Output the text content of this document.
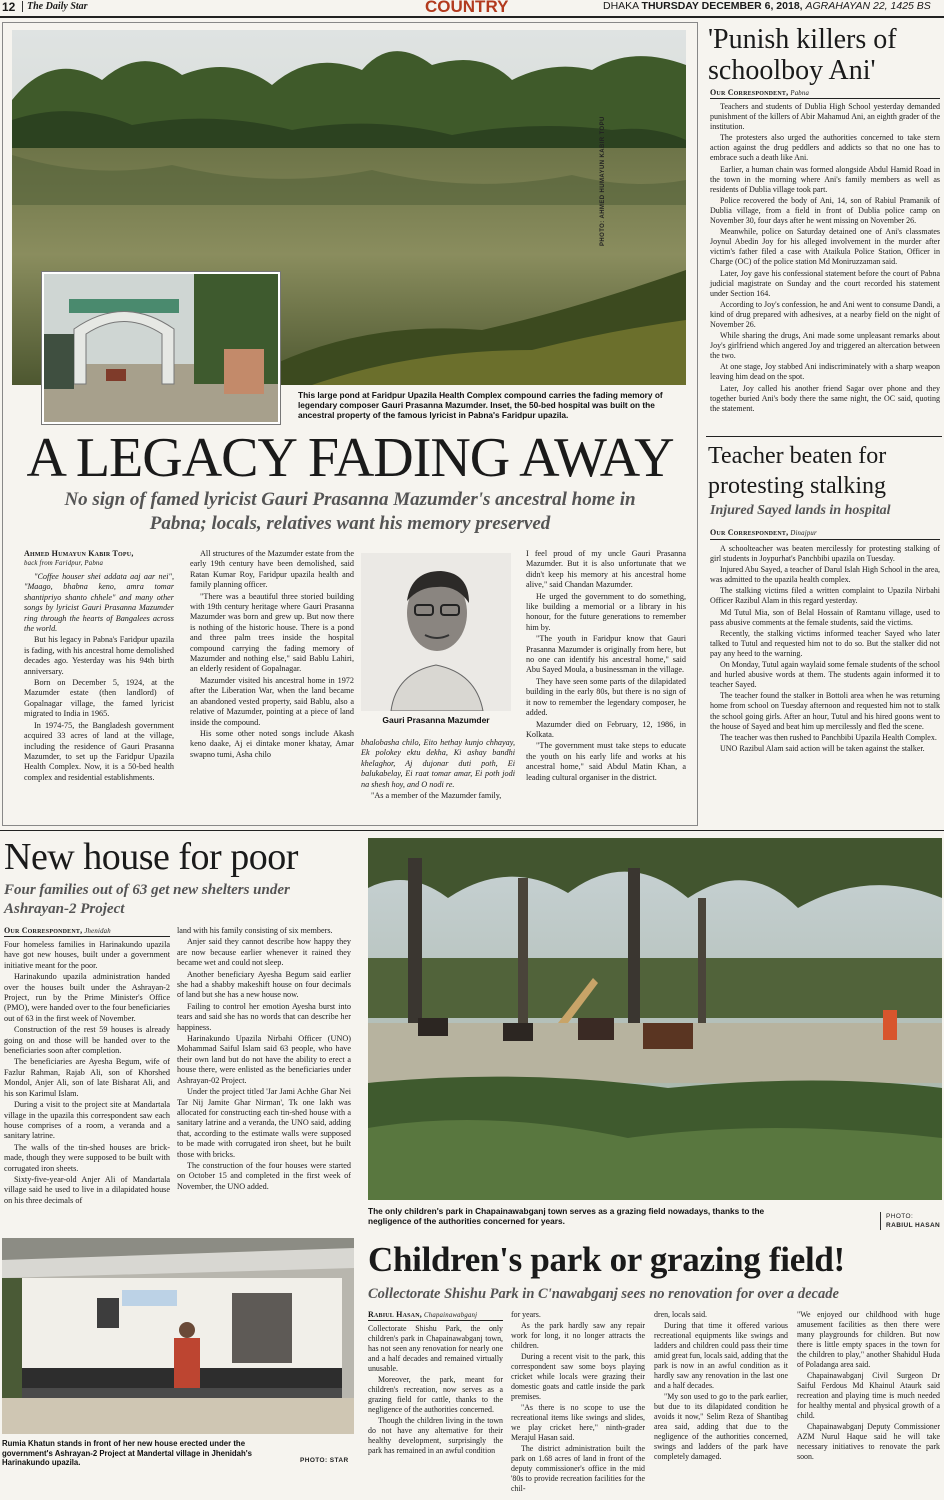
12	The Daily Star	COUNTRY	DHAKA THURSDAY DECEMBER 6, 2018, AGRAHAYAN 22, 1425 BS
PHOTO: AHMED HUMAYUN KABIR TOPU
This large pond at Faridpur Upazila Health Complex compound carries the fading memory of legendary composer Gauri Prasanna Mazumder. Inset, the 50-bed hospital was built on the ancestral property of the famous lyricist in Pabna's Faridpur upazila.
A LEGACY FADING AWAY
No sign of famed lyricist Gauri Prasanna Mazumder's ancestral home in Pabna; locals, relatives want his memory preserved
Ahmed Humayun Kabir Topu,
back from Faridpur, Pabna

"Coffee houser shei addata aaj aar nei", "Maago, bhabna keno, amra tomar shantipriyo shanto chhele" and many other songs by lyricist Gauri Prasanna Mazumder ring through the hearts of Bangalees across the world.

But his legacy in Pabna's Faridpur upazila is fading, with his ancestral home demolished decades ago. Yesterday was his 94th birth anniversary.

Born on December 5, 1924, at the Mazumder estate (then landlord) of Gopalnagar village, the famed lyricist migrated to India in 1965.

In 1974-75, the Bangladesh government acquired 33 acres of land at the village, including the residence of Gauri Prasanna Mazumder, to set up the Faridpur Upazila Health Complex. Now, it is a 50-bed health complex and residential establishments.

All structures of the Mazumder estate from the early 19th century have been demolished, said Ratan Kumar Roy, Faridpur upazila health and family planning officer.

"There was a beautiful three storied building with 19th century heritage where Gauri Prasanna Mazumder was born and grew up. But now there is nothing of the historic house. There is a pond and three palm trees inside the hospital compound carrying the fading memory of Mazumder and nothing else," said Bablu Lahiri, an elderly resident of Gopalnagar.

Mazumder visited his ancestral home in 1972 after the Liberation War, when the land became an abandoned vested property, said Bablu, also a relative of Mazumder, pointing at a piece of land inside the compound.

His some other noted songs include Akash keno daake, Aj ei dintake moner khatay, Amar swapno tumi, Asha chilo

Gauri Prasanna Mazumder

bhalobasha chilo, Eito hethay kunjo chhayay, Ek polokey ektu dekha, Ki ashay bandhi khelaghor, Aj dujonar duti poth, Ei balukabelay, Ei raat tomar amar, Ei poth jodi na shesh hoy, and O nodi re.

"As a member of the Mazumder family,

I feel proud of my uncle Gauri Prasanna Mazumder. But it is also unfortunate that we didn't keep his memory at his ancestral home alive," said Chandan Mazumder.

He urged the government to do something, like building a memorial or a library in his honour, for the future generations to remember him by.

"The youth in Faridpur know that Gauri Prasanna Mazumder is originally from here, but no one can identify his ancestral home," said Abu Sayed Moula, a businessman in the village.

They have seen some parts of the dilapidated building in the early 80s, but there is no sign of it now to remember the legendary composer, he added.

Mazumder died on February, 12, 1986, in Kolkata.

"The government must take steps to educate the youth on his early life and works at his ancestral home," said Abdul Matin Khan, a leading cultural organiser in the district.

'Punish killers of schoolboy Ani'
Our Correspondent, Pabna

Teachers and students of Dublia High School yesterday demanded punishment of the killers of Abir Mahamud Ani, an eighth grader of the institution.

The protesters also urged the authorities concerned to take stern action against the drug peddlers and addicts so that no one has to embrace such a death like Ani.

Earlier, a human chain was formed alongside Abdul Hamid Road in the town in the morning where Ani's family members as well as residents of Dublia village took part.

Police recovered the body of Ani, 14, son of Rabiul Pramanik of Dublia village, from a field in front of Dublia police camp on November 30, four days after he went missing on November 26.

Meanwhile, police on Saturday detained one of Ani's classmates Joynul Abedin Joy for his alleged involvement in the murder after victim's father filed a case with Ataikula Police Station, Officer in Charge (OC) of the police station Md Moniruzzaman said.

Later, Joy gave his confessional statement before the court of Pabna judicial magistrate on Sunday and the court recorded his statement under Section 164.

According to Joy's confession, he and Ani went to consume Dandi, a kind of drug prepared with adhesives, at a nearby field on the night of November 26.

While sharing the drugs, Ani made some unpleasant remarks about Joy's girlfriend which angered Joy and triggered an altercation between the two.

At one stage, Joy stabbed Ani indiscriminately with a sharp weapon leaving him dead on the spot.

Later, Joy called his another friend Sagar over phone and they together buried Ani's body there the same night, the OC said, quoting the statement.

Teacher beaten for protesting stalking
Injured Sayed lands in hospital
Our Correspondent, Dinajpur

A schoolteacher was beaten mercilessly for protesting stalking of girl students in Joypurhat's Panchbibi upazila on Tuesday.

Injured Abu Sayed, a teacher of Darul Islah High School in the area, was admitted to the upazila health complex.

The stalking victims filed a written complaint to Upazila Nirbahi Officer Razibul Alam in this regard yesterday.

Md Tutul Mia, son of Belal Hossain of Ramtanu village, used to pass abusive comments at the female students, said the victims.

Recently, the stalking victims informed teacher Sayed who later talked to Tutul and requested him not to do so. But the stalker did not pay any heed to the warning.

On Monday, Tutul again waylaid some female students of the school and hurled abusive words at them. The students again informed it to teacher Sayed.

The teacher found the stalker in Bottoli area when he was returning home from school on Tuesday afternoon and requested him not to stalk the school going girls. After an hour, Tutul and his hired goons went to the house of Sayed and beat him up mercilessly and fled the scene.

The teacher was then rushed to Panchbibi Upazila Health Complex.

UNO Razibul Alam said action will be taken against the stalker.

New house for poor
Four families out of 63 get new shelters under Ashrayan-2 Project
Our Correspondent, Jhenidah

Four homeless families in Harinakundo upazila have got new houses, built under a government initiative meant for the poor.

Harinakundo upazila administration handed over the houses built under the Ashrayan-2 Project, run by the Prime Minister's Office (PMO), were handed over to the four beneficiaries out of 63 in the first week of November.

Construction of the rest 59 houses is already going on and those will be handed over to the beneficiaries soon after completion.

The beneficiaries are Ayesha Begum, wife of Fazlur Rahman, Rajab Ali, son of Khorshed Mondol, Anjer Ali, son of late Bisharat Ali, and his son Karimul Islam.

During a visit to the project site at Mandartala village in the upazila this correspondent saw each house comprises of a room, a veranda and a sanitary latrine.

The walls of the tin-shed houses are brick-made, though they were supposed to be built with corrugated iron sheets.

Sixty-five-year-old Anjer Ali of Mandartala village said he used to live in a dilapidated house on his three decimals of

land with his family consisting of six members.

Anjer said they cannot describe how happy they are now because earlier whenever it rained they became wet and could not sleep.

Another beneficiary Ayesha Begum said earlier she had a shabby makeshift house on four decimals of land but she has a new house now.

Failing to control her emotion Ayesha burst into tears and said she has no words that can describe her happiness.

Harinakundo Upazila Nirbahi Officer (UNO) Mohammad Saiful Islam said 63 people, who have their own land but do not have the ability to erect a house there, were enlisted as the beneficiaries under Ashrayan-02 Project.

Under the project titled 'Jar Jami Achhe Ghar Nei Tar Nij Jamite Ghar Nirman', Tk one lakh was allocated for constructing each tin-shed house with a sanitary latrine and a veranda, the UNO said, adding that, according to the estimate walls were supposed to be made with corrugated iron sheet, but he built those with bricks.

The construction of the four houses were started on October 15 and completed in the first week of November, the UNO added.

Rumia Khatun stands in front of her new house erected under the government's Ashrayan-2 Project at Mandertal village in Jhenidah's Harinakundo upazila.	PHOTO: STAR
The only children's park in Chapainawabganj town serves as a grazing field nowadays, thanks to the negligence of the authorities concerned for years.	PHOTO:
RABIUL HASAN
Children's park or grazing field!
Collectorate Shishu Park in C'nawabganj sees no renovation for over a decade
Rabiul Hasan, Chapainawabganj

Collectorate Shishu Park, the only children's park in Chapainawabganj town, has not seen any renovation for nearly one and a half decades and remained virtually unusable.

Moreover, the park, meant for children's recreation, now serves as a grazing field for cattle, thanks to the negligence of the authorities concerned.

Though the children living in the town do not have any alternative for their healthy development, surprisingly the park has remained in an awful condition

for years.

As the park hardly saw any repair work for long, it no longer attracts the children.

During a recent visit to the park, this correspondent saw some boys playing cricket while locals were grazing their domestic goats and cattle inside the park premises.

"As there is no scope to use the recreational items like swings and slides, we play cricket here," ninth-grader Merajul Hasan said.

The district administration built the park on 1.68 acres of land in front of the deputy commissioner's office in the mid '80s to provide recreation facilities for the chil-

dren, locals said.

During that time it offered various recreational equipments like swings and ladders and children could pass their time amid great fun, locals said, adding that the park is now in an awful condition as it hardly saw any renovation in the last one and a half decades.

"My son used to go to the park earlier, but due to its dilapidated condition he avoids it now," Selim Reza of Shantibag area said, adding that due to the negligence of the authorities concerned, swings and ladders of the park have completely damaged.

"We enjoyed our childhood with huge amusement facilities as then there were many playgrounds for children. But now there is little empty spaces in the town for the children to play," another Shahidul Huda of Poladanga area said.

Chapainawabganj Civil Surgeon Dr Saiful Ferdous Md Khainul Ataurk said recreation and playing time is much needed for healthy mental and physical growth of a child.

Chapainawabganj Deputy Commissioner AZM Nurul Haque said he will take necessary initiatives to renovate the park soon.
